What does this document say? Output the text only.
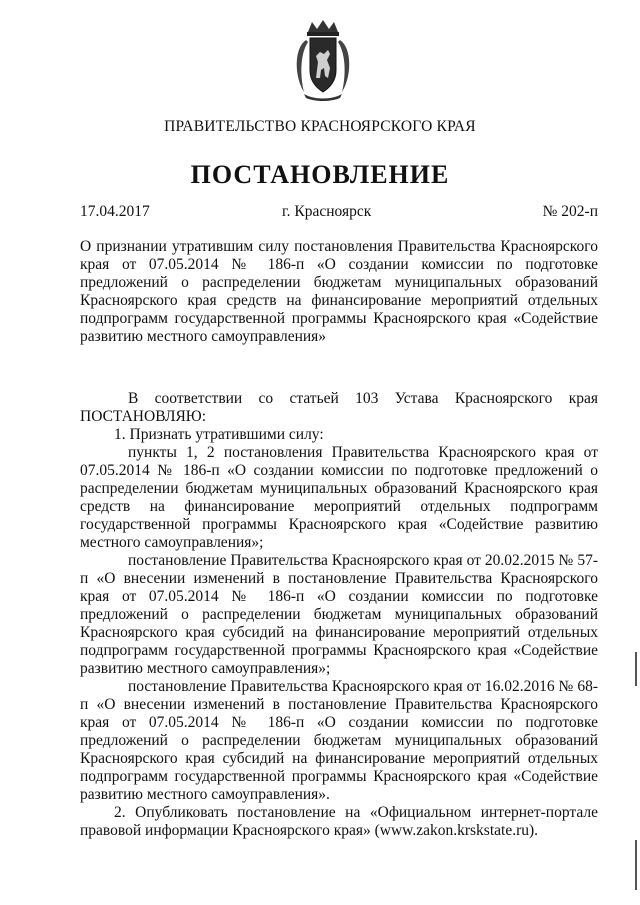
ПРАВИТЕЛЬСТВО КРАСНОЯРСКОГО КРАЯ
ПОСТАНОВЛЕНИЕ
17.04.2017	г. Красноярск	№ 202-п

О признании утратившим силу постановления Правительства Красноярского края от 07.05.2014 № 186-п «О создании комиссии по подготовке предложений о распределении бюджетам муниципальных образований Красноярского края средств на финансирование мероприятий отдельных подпрограмм государственной программы Красноярского края «Содействие развитию местного самоуправления»

В соответствии со статьей 103 Устава Красноярского края

ПОСТАНОВЛЯЮ:

1. Признать утратившими силу:

пункты 1, 2 постановления Правительства Красноярского края от 07.05.2014 № 186-п «О создании комиссии по подготовке предложений о распределении бюджетам муниципальных образований Красноярского края средств на финансирование мероприятий отдельных подпрограмм государственной программы Красноярского края «Содействие развитию местного самоуправления»;

постановление Правительства Красноярского края от 20.02.2015 № 57-п «О внесении изменений в постановление Правительства Красноярского края от 07.05.2014 № 186-п «О создании комиссии по подготовке предложений о распределении бюджетам муниципальных образований Красноярского края субсидий на финансирование мероприятий отдельных подпрограмм государственной программы Красноярского края «Содействие развитию местного самоуправления»;

постановление Правительства Красноярского края от 16.02.2016 № 68-п «О внесении изменений в постановление Правительства Красноярского края от 07.05.2014 № 186-п «О создании комиссии по подготовке предложений о распределении бюджетам муниципальных образований Красноярского края субсидий на финансирование мероприятий отдельных подпрограмм государственной программы Красноярского края «Содействие развитию местного самоуправления».

2. Опубликовать постановление на «Официальном интернет-портале правовой информации Красноярского края» (www.zakon.krskstate.ru).
